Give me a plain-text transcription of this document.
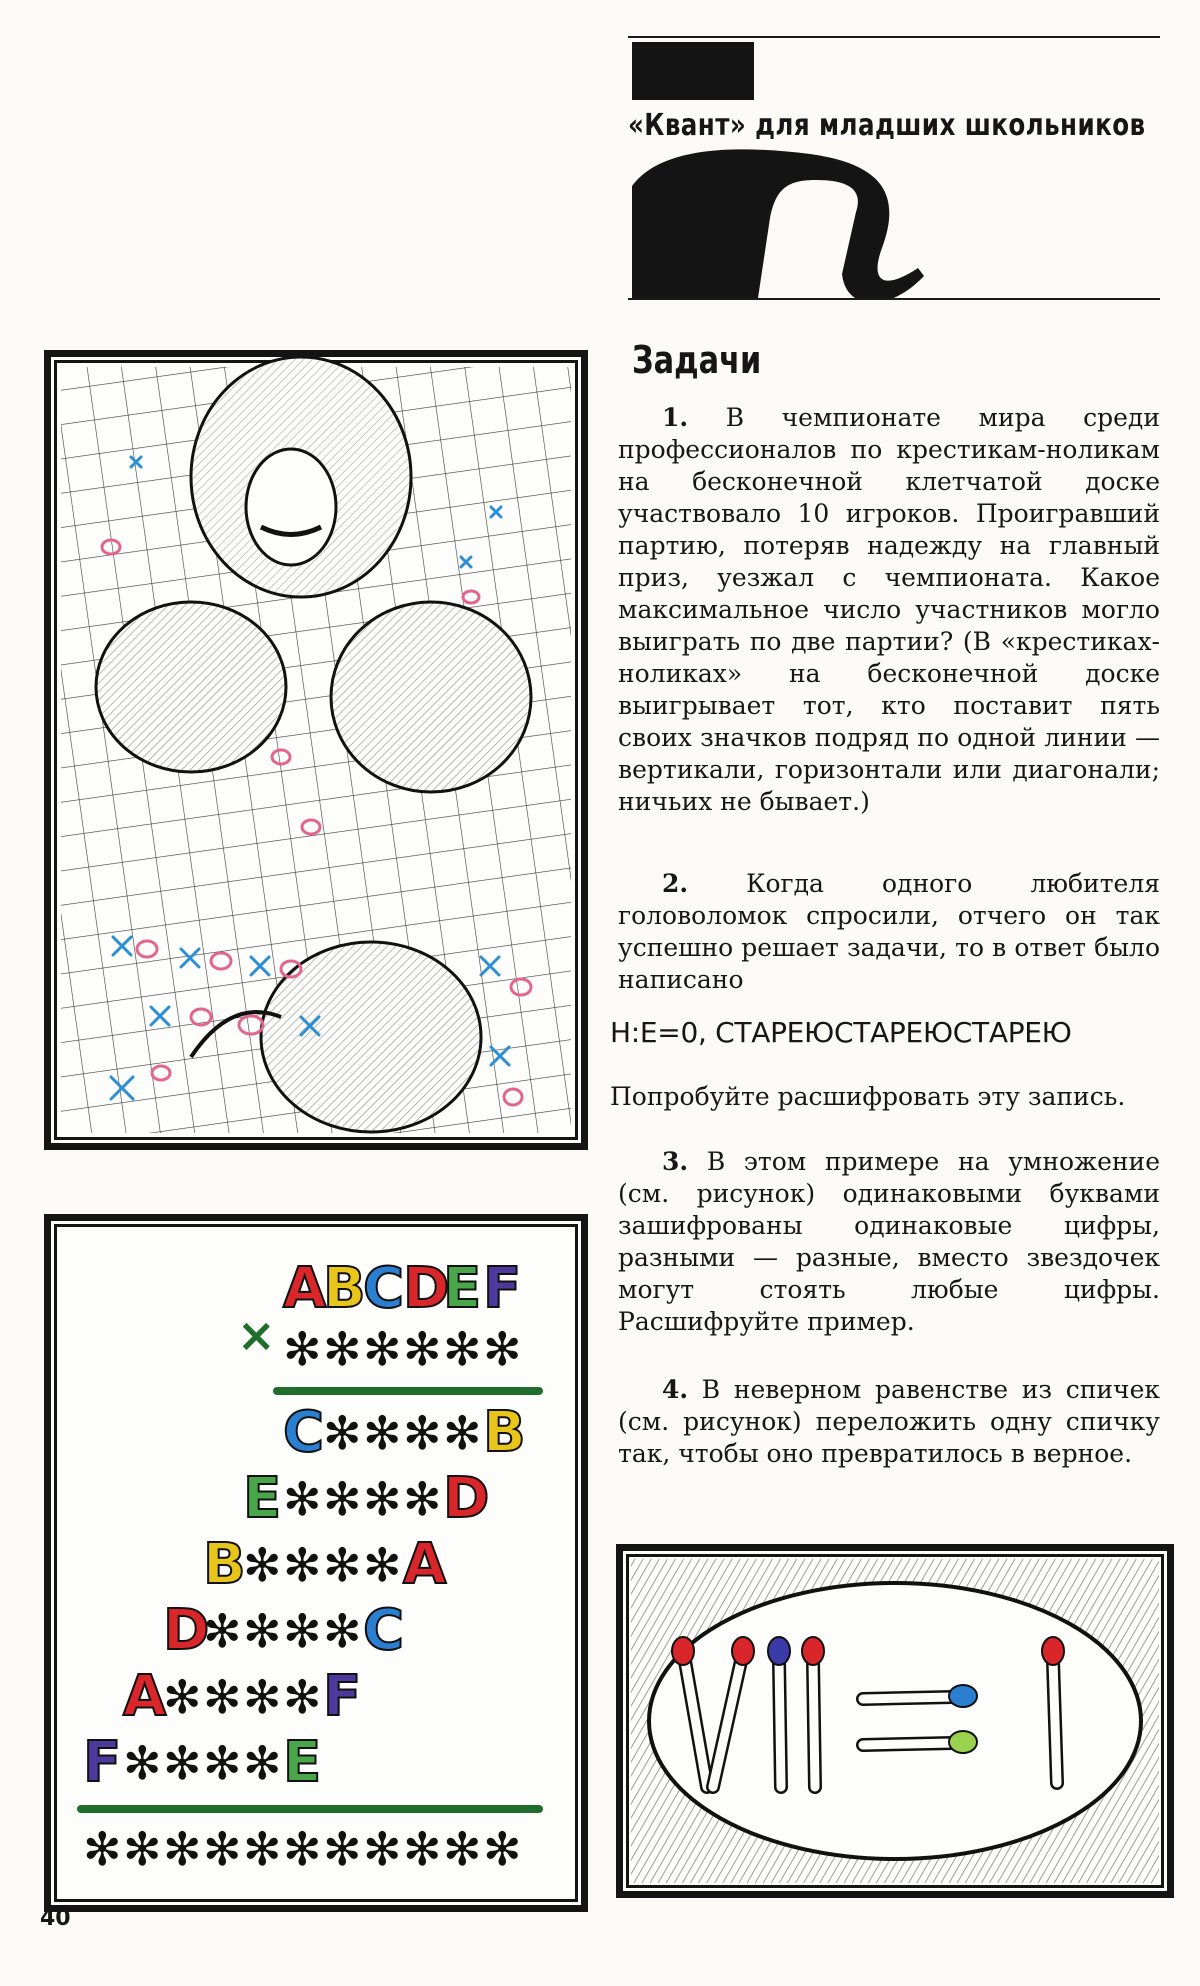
«Квант» для младших школьников
Задачи

1. В чемпионате мира среди профессионалов по крестикам-ноликам на бесконечной клетчатой доске участвовало 10 игроков. Проигравший партию, потеряв надежду на главный приз, уезжал с чемпионата. Какое максимальное число участников могло выиграть по две партии? (В «крестиках-ноликах» на бесконечной доске выигрывает тот, кто поставит пять своих значков подряд по одной линии — вертикали, горизонтали или диагонали; ничьих не бывает.)

2. Когда одного любителя головоломок спросили, отчего он так успешно решает задачи, то в ответ было написано

Н:Е=0, СТАРЕЮСТАРЕЮСТАРЕЮ
Попробуйте расшифровать эту запись.

3. В этом примере на умножение (см. рисунок) одинаковыми буквами зашифрованы одинаковые цифры, разными — разные, вместо звездочек могут стоять любые цифры. Расшифруйте пример.

4. В неверном равенстве из спичек (см. рисунок) переложить одну спичку так, чтобы оно превратилось в верное.

×
A
B
C
D
E F
✻ ✻ ✻ ✻ ✻ ✻
C
✻ ✻ ✻ ✻ B
E ✻ ✻ ✻ ✻ D
B
✻ ✻ ✻ ✻ A
D
✻ ✻ ✻ ✻ C
A
✻ ✻ ✻ ✻ F
F ✻ ✻ ✻ ✻ E
✻ ✻ ✻ ✻ ✻ ✻ ✻ ✻ ✻ ✻ ✻
40
